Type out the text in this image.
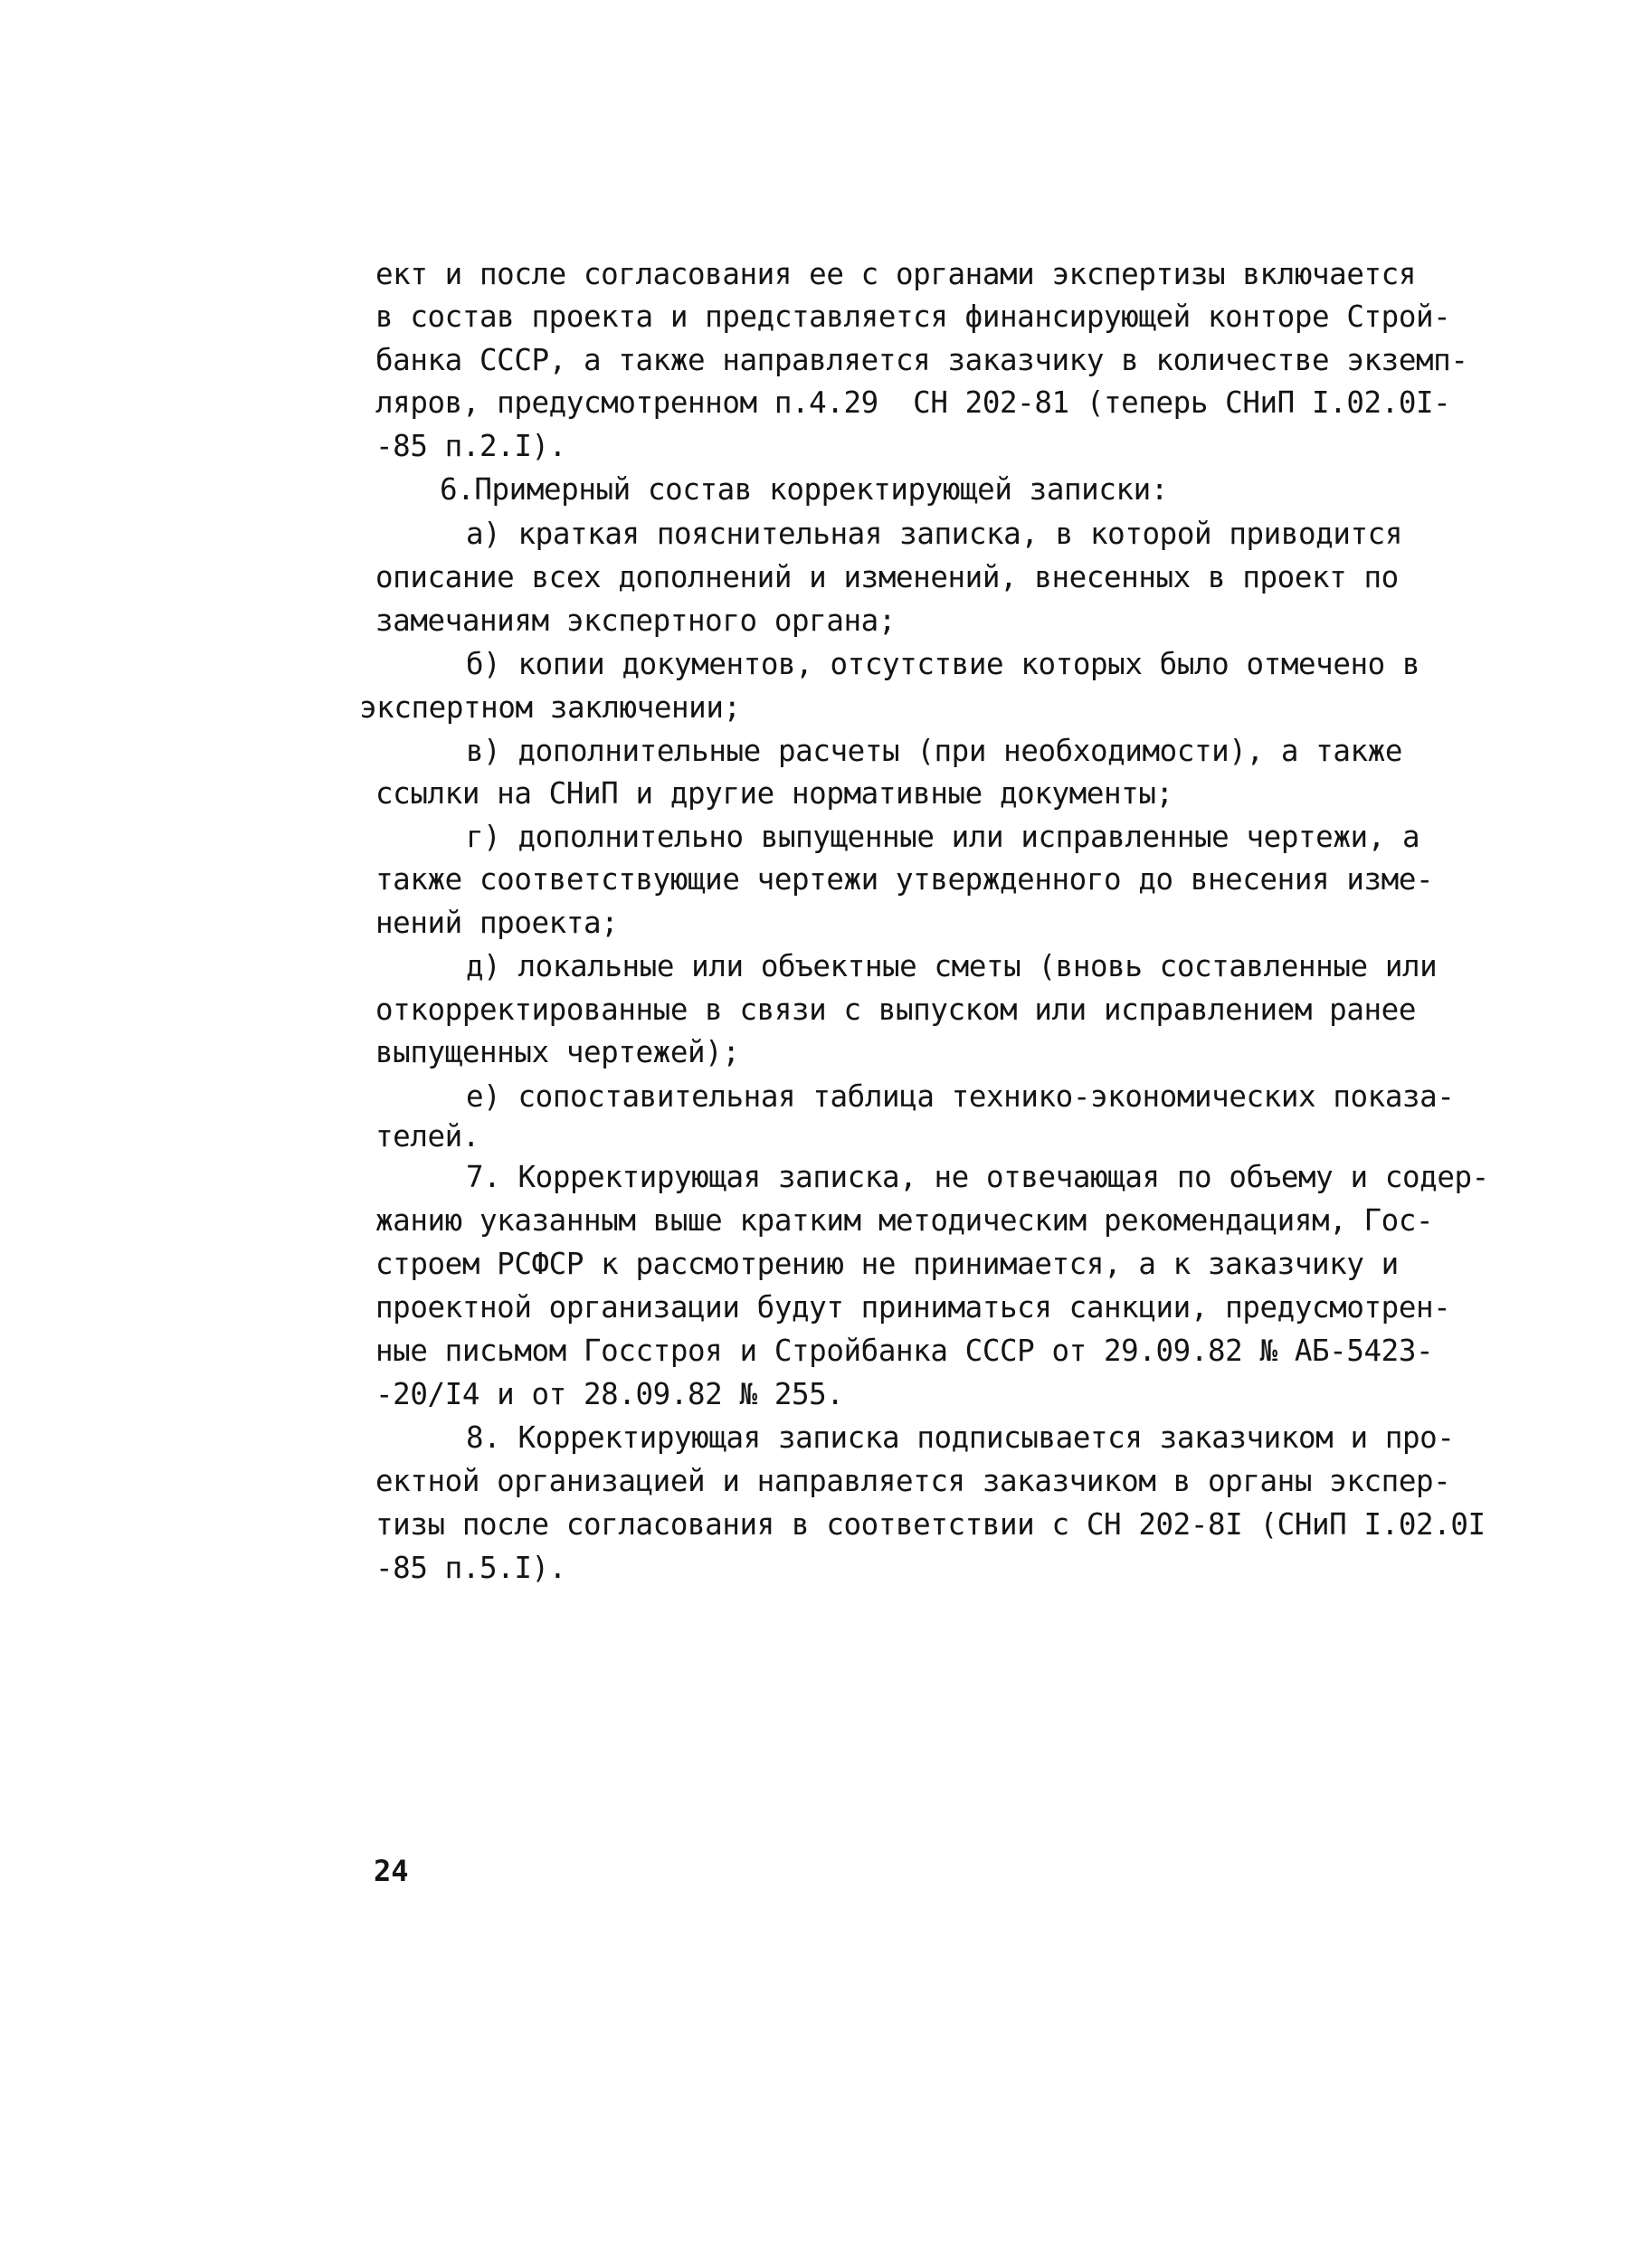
ект и после согласования ее с органами экспертизы включается
в состав проекта и представляется финансирующей конторе Строй-
банка СССР, а также направляется заказчику в количестве экземп-
ляров, предусмотренном п.4.29  СН 202-81 (теперь СНиП I.02.0I-
-85 п.2.I).
6.Примерный состав корректирующей записки:
а) краткая пояснительная записка, в которой приводится
описание всех дополнений и изменений, внесенных в проект по
замечаниям экспертного органа;
б) копии документов, отсутствие которых было отмечено в
экспертном заключении;
в) дополнительные расчеты (при необходимости), а также
ссылки на СНиП и другие нормативные документы;
г) дополнительно выпущенные или исправленные чертежи, а
также соответствующие чертежи утвержденного до внесения изме-
нений проекта;
д) локальные или объектные сметы (вновь составленные или
откорректированные в связи с выпуском или исправлением ранее
выпущенных чертежей);
е) сопоставительная таблица технико-экономических показа-
телей.
7. Корректирующая записка, не отвечающая по объему и содер-
жанию указанным выше кратким методическим рекомендациям, Гос-
строем РСФСР к рассмотрению не принимается, а к заказчику и
проектной организации будут приниматься санкции, предусмотрен-
ные письмом Госстроя и Стройбанка СССР от 29.09.82 № АБ-5423-
-20/I4 и от 28.09.82 № 255.
8. Корректирующая записка подписывается заказчиком и про-
ектной организацией и направляется заказчиком в органы экспер-
тизы после согласования в соответствии с СН 202-8I (СНиП I.02.0I
-85 п.5.I).
24
